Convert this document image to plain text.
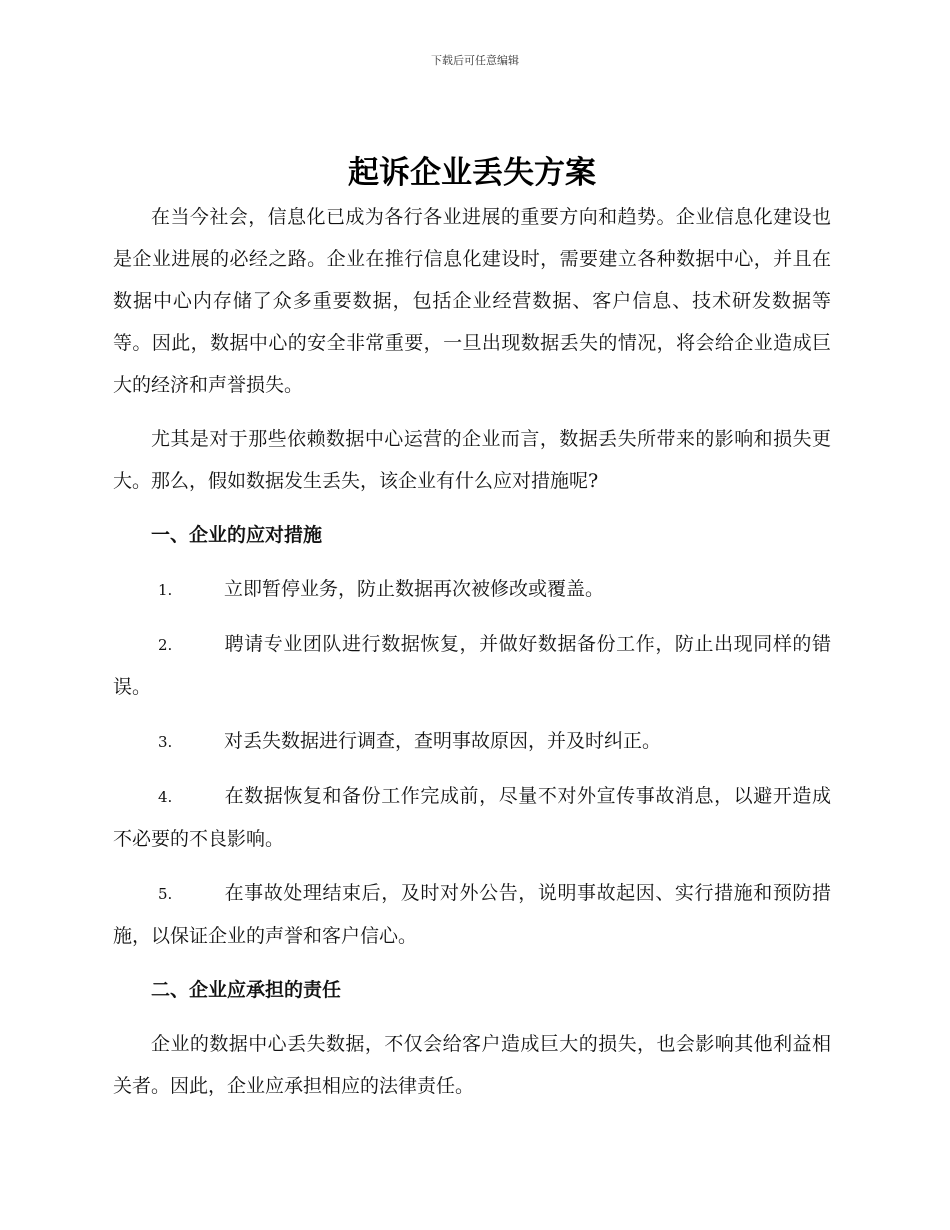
下载后可任意编辑
起诉企业丢失方案

在当今社会，信息化已成为各行各业进展的重要方向和趋势。企业信息化建设也是企业进展的必经之路。企业在推行信息化建设时，需要建立各种数据中心，并且在数据中心内存储了众多重要数据，包括企业经营数据、客户信息、技术研发数据等等。因此，数据中心的安全非常重要，一旦出现数据丢失的情况，将会给企业造成巨大的经济和声誉损失。

尤其是对于那些依赖数据中心运营的企业而言，数据丢失所带来的影响和损失更大。那么，假如数据发生丢失，该企业有什么应对措施呢?

一、企业的应对措施

1.	立即暂停业务，防止数据再次被修改或覆盖。

2.	聘请专业团队进行数据恢复，并做好数据备份工作，防止出现同样的错误。

3.	对丢失数据进行调查，查明事故原因，并及时纠正。

4.	在数据恢复和备份工作完成前，尽量不对外宣传事故消息，以避开造成不必要的不良影响。

5.	在事故处理结束后，及时对外公告，说明事故起因、实行措施和预防措施，以保证企业的声誉和客户信心。

二、企业应承担的责任

企业的数据中心丢失数据，不仅会给客户造成巨大的损失，也会影响其他利益相关者。因此，企业应承担相应的法律责任。
